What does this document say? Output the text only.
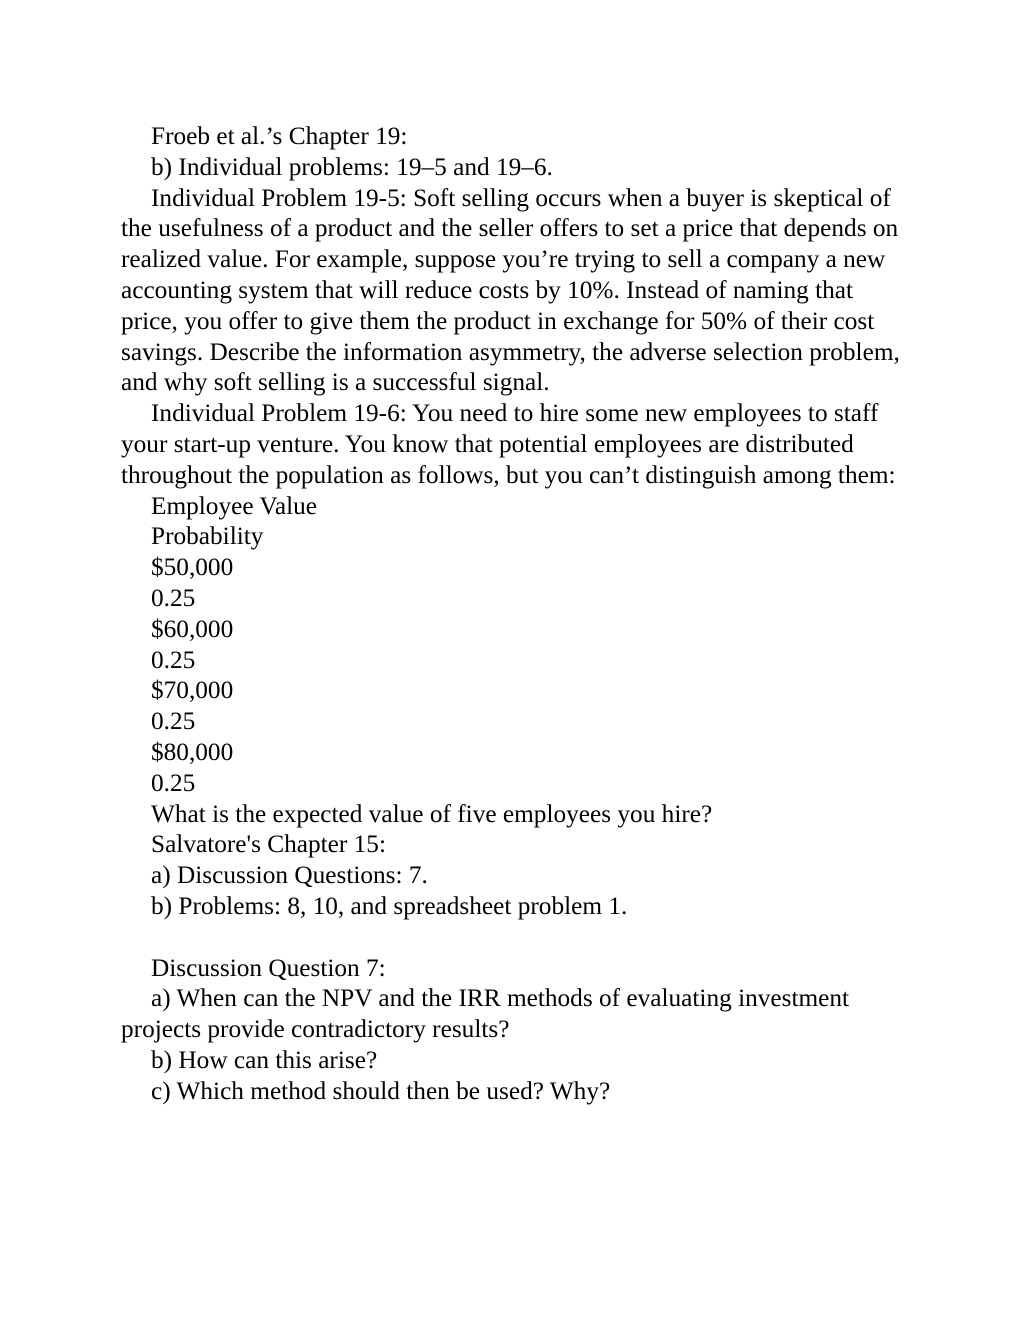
Froeb et al.’s Chapter 19:

b) Individual problems: 19–5 and 19–6.

Individual Problem 19-5: Soft selling occurs when a buyer is skeptical of the usefulness of a product and the seller offers to set a price that depends on realized value. For example, suppose you’re trying to sell a company a new accounting system that will reduce costs by 10%. Instead of naming that price, you offer to give them the product in exchange for 50% of their cost savings. Describe the information asymmetry, the adverse selection problem, and why soft selling is a successful signal.

Individual Problem 19-6: You need to hire some new employees to staff your start-up venture. You know that potential employees are distributed throughout the population as follows, but you can’t distinguish among them:

Employee Value

Probability

$50,000

0.25

$60,000

0.25

$70,000

0.25

$80,000

0.25

What is the expected value of five employees you hire?

Salvatore's Chapter 15:

a) Discussion Questions: 7.

b) Problems: 8, 10, and spreadsheet problem 1.

Discussion Question 7:

a) When can the NPV and the IRR methods of evaluating investment projects provide contradictory results?

b) How can this arise?

c) Which method should then be used? Why?
